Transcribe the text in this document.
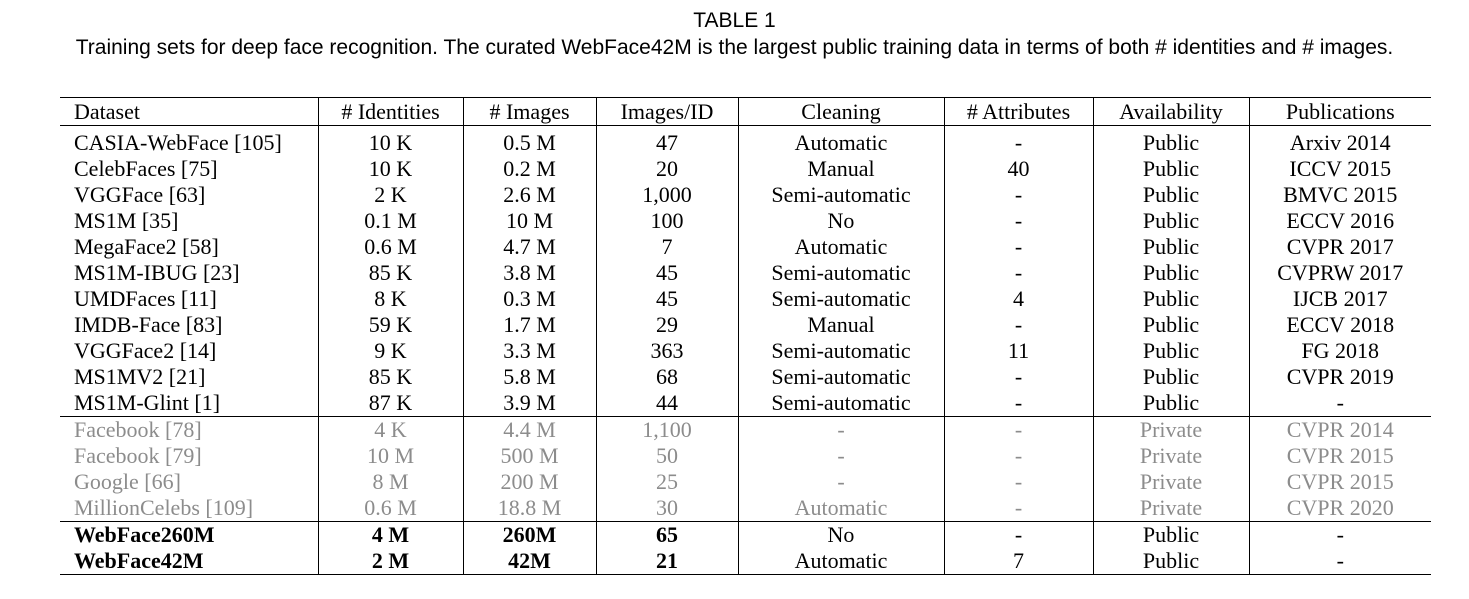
TABLE 1
Training sets for deep face recognition. The curated WebFace42M is the largest public training data in terms of both # identities and # images.
Dataset	# Identities	# Images	Images/ID	Cleaning	# Attributes	Availability	Publications

CASIA-WebFace [105]	10 K	0.5 M	47	Automatic	-	Public	Arxiv 2014
CelebFaces [75]	10 K	0.2 M	20	Manual	40	Public	ICCV 2015
VGGFace [63]	2 K	2.6 M	1,000	Semi-automatic	-	Public	BMVC 2015
MS1M [35]	0.1 M	10 M	100	No	-	Public	ECCV 2016
MegaFace2 [58]	0.6 M	4.7 M	7	Automatic	-	Public	CVPR 2017
MS1M-IBUG [23]	85 K	3.8 M	45	Semi-automatic	-	Public	CVPRW 2017
UMDFaces [11]	8 K	0.3 M	45	Semi-automatic	4	Public	IJCB 2017
IMDB-Face [83]	59 K	1.7 M	29	Manual	-	Public	ECCV 2018
VGGFace2 [14]	9 K	3.3 M	363	Semi-automatic	11	Public	FG 2018
MS1MV2 [21]	85 K	5.8 M	68	Semi-automatic	-	Public	CVPR 2019
MS1M-Glint [1]	87 K	3.9 M	44	Semi-automatic	-	Public	-
Facebook [78]	4 K	4.4 M	1,100	-	-	Private	CVPR 2014
Facebook [79]	10 M	500 M	50	-	-	Private	CVPR 2015
Google [66]	8 M	200 M	25	-	-	Private	CVPR 2015
MillionCelebs [109]	0.6 M	18.8 M	30	Automatic	-	Private	CVPR 2020
WebFace260M	4 M	260M	65	No	-	Public	-
WebFace42M	2 M	42M	21	Automatic	7	Public	-
